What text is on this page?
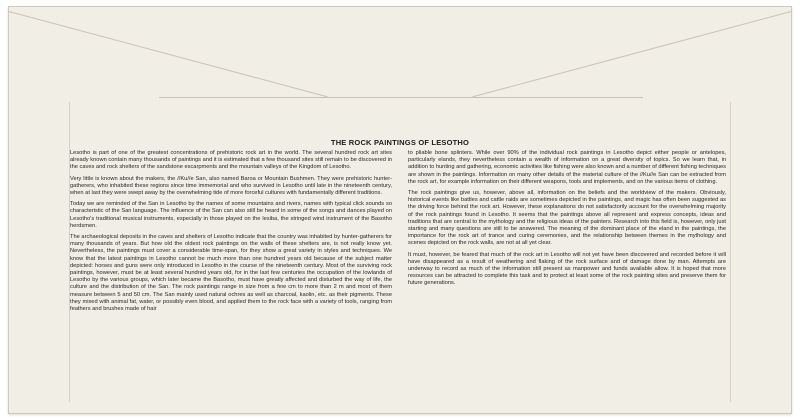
THE ROCK PAINTINGS OF LESOTHO

Lesotho is part of one of the greatest concentrations of prehistoric rock art in the world. The several hundred rock art sites already known contain many thousands of paintings and it is estimated that a few thousand sites still remain to be discovered in the caves and rock shelters of the sandstone escarpments and the mountain valleys of the Kingdom of Lesotho.

Very little is known about the makers, the //Ku//e San, also named Baroa or Mountain Bushmen. They were prehistoric hunter-gatherers, who inhabited these regions since time immemorial and who survived in Lesotho until late in the nineteenth century, when at last they were swept away by the overwhelming tide of more forceful cultures with fundamentally different traditions.

Today we are reminded of the San in Lesotho by the names of some mountains and rivers, names with typical click sounds so characteristic of the San language. The influence of the San can also still be heard in some of the songs and dances played on Lesotho's traditional musical instruments, especially in those played on the lesiba, the stringed wind instrument of the Basotho herdsmen.

The archaeological deposits in the caves and shelters of Lesotho indicate that the country was inhabited by hunter-gatherers for many thousands of years. But how old the oldest rock paintings on the walls of these shelters are, is not really know yet. Nevertheless, the paintings must cover a considerable time-span, for they show a great variety in styles and techniques. We know that the latest paintings in Lesotho cannot be much more than one hundred years old because of the subject matter depicted: horses and guns were only introduced in Lesotho in the course of the nineteenth century. Most of the surviving rock paintings, however, must be at least several hundred years old, for in the last few centuries the occupation of the lowlands of Lesotho by the various groups, which later became the Basotho, must have greatly affected and disturbed the way of life, the culture and the distribution of the San. The rock paintings range in size from a few cm to more than 2 m and most of them measure between 5 and 50 cm. The San mainly used natural ochres as well as charcoal, kaolin, etc. as their pigments. These they mixed with animal fat, water, or possibly even blood, and applied them to the rock face with a variety of tools, ranging from feathers and brushes made of hair

to pliable bone splinters. While over 90% of the individual rock paintings in Lesotho depict either people or antelopes, particularly elands, they nevertheless contain a wealth of information on a great diversity of topics. So we learn that, in addition to hunting and gathering, economic activities like fishing were also known and a number of different fishing techniques are shown in the paintings. Information on many other details of the material culture of the //Ku//e San can be extracted from the rock art, for example information on their different weapons, tools and implements, and on the various items of clothing.

The rock paintings give us, however, above all, information on the beliefs and the worldview of the makers. Obviously, historical events like battles and cattle raids are sometimes depicted in the paintings, and magic has often been suggested as the driving force behind the rock art. However, these explanations do not satisfactorily account for the overwhelming majority of the rock paintings found in Lesotho. It seems that the paintings above all represent and express concepts, ideas and traditions that are central to the mythology and the religious ideas of the painters. Research into this field is, however, only just starting and many questions are still to be answered. The meaning of the dominant place of the eland in the paintings, the importance for the rock art of trance and curing ceremonies, and the relationship between themes in the mythology and scenes depicted on the rock walls, are not at all yet clear.

It must, however, be feared that much of the rock art in Lesotho will not yet have been discovered and recorded before it will have disappeared as a result of weathering and flaking of the rock surface and of damage done by man. Attempts are underway to record as much of the information still present as manpower and funds available allow. It is hoped that more resources can be attracted to complete this task and to protect at least some of the rock painting sites and preserve them for future generations.
